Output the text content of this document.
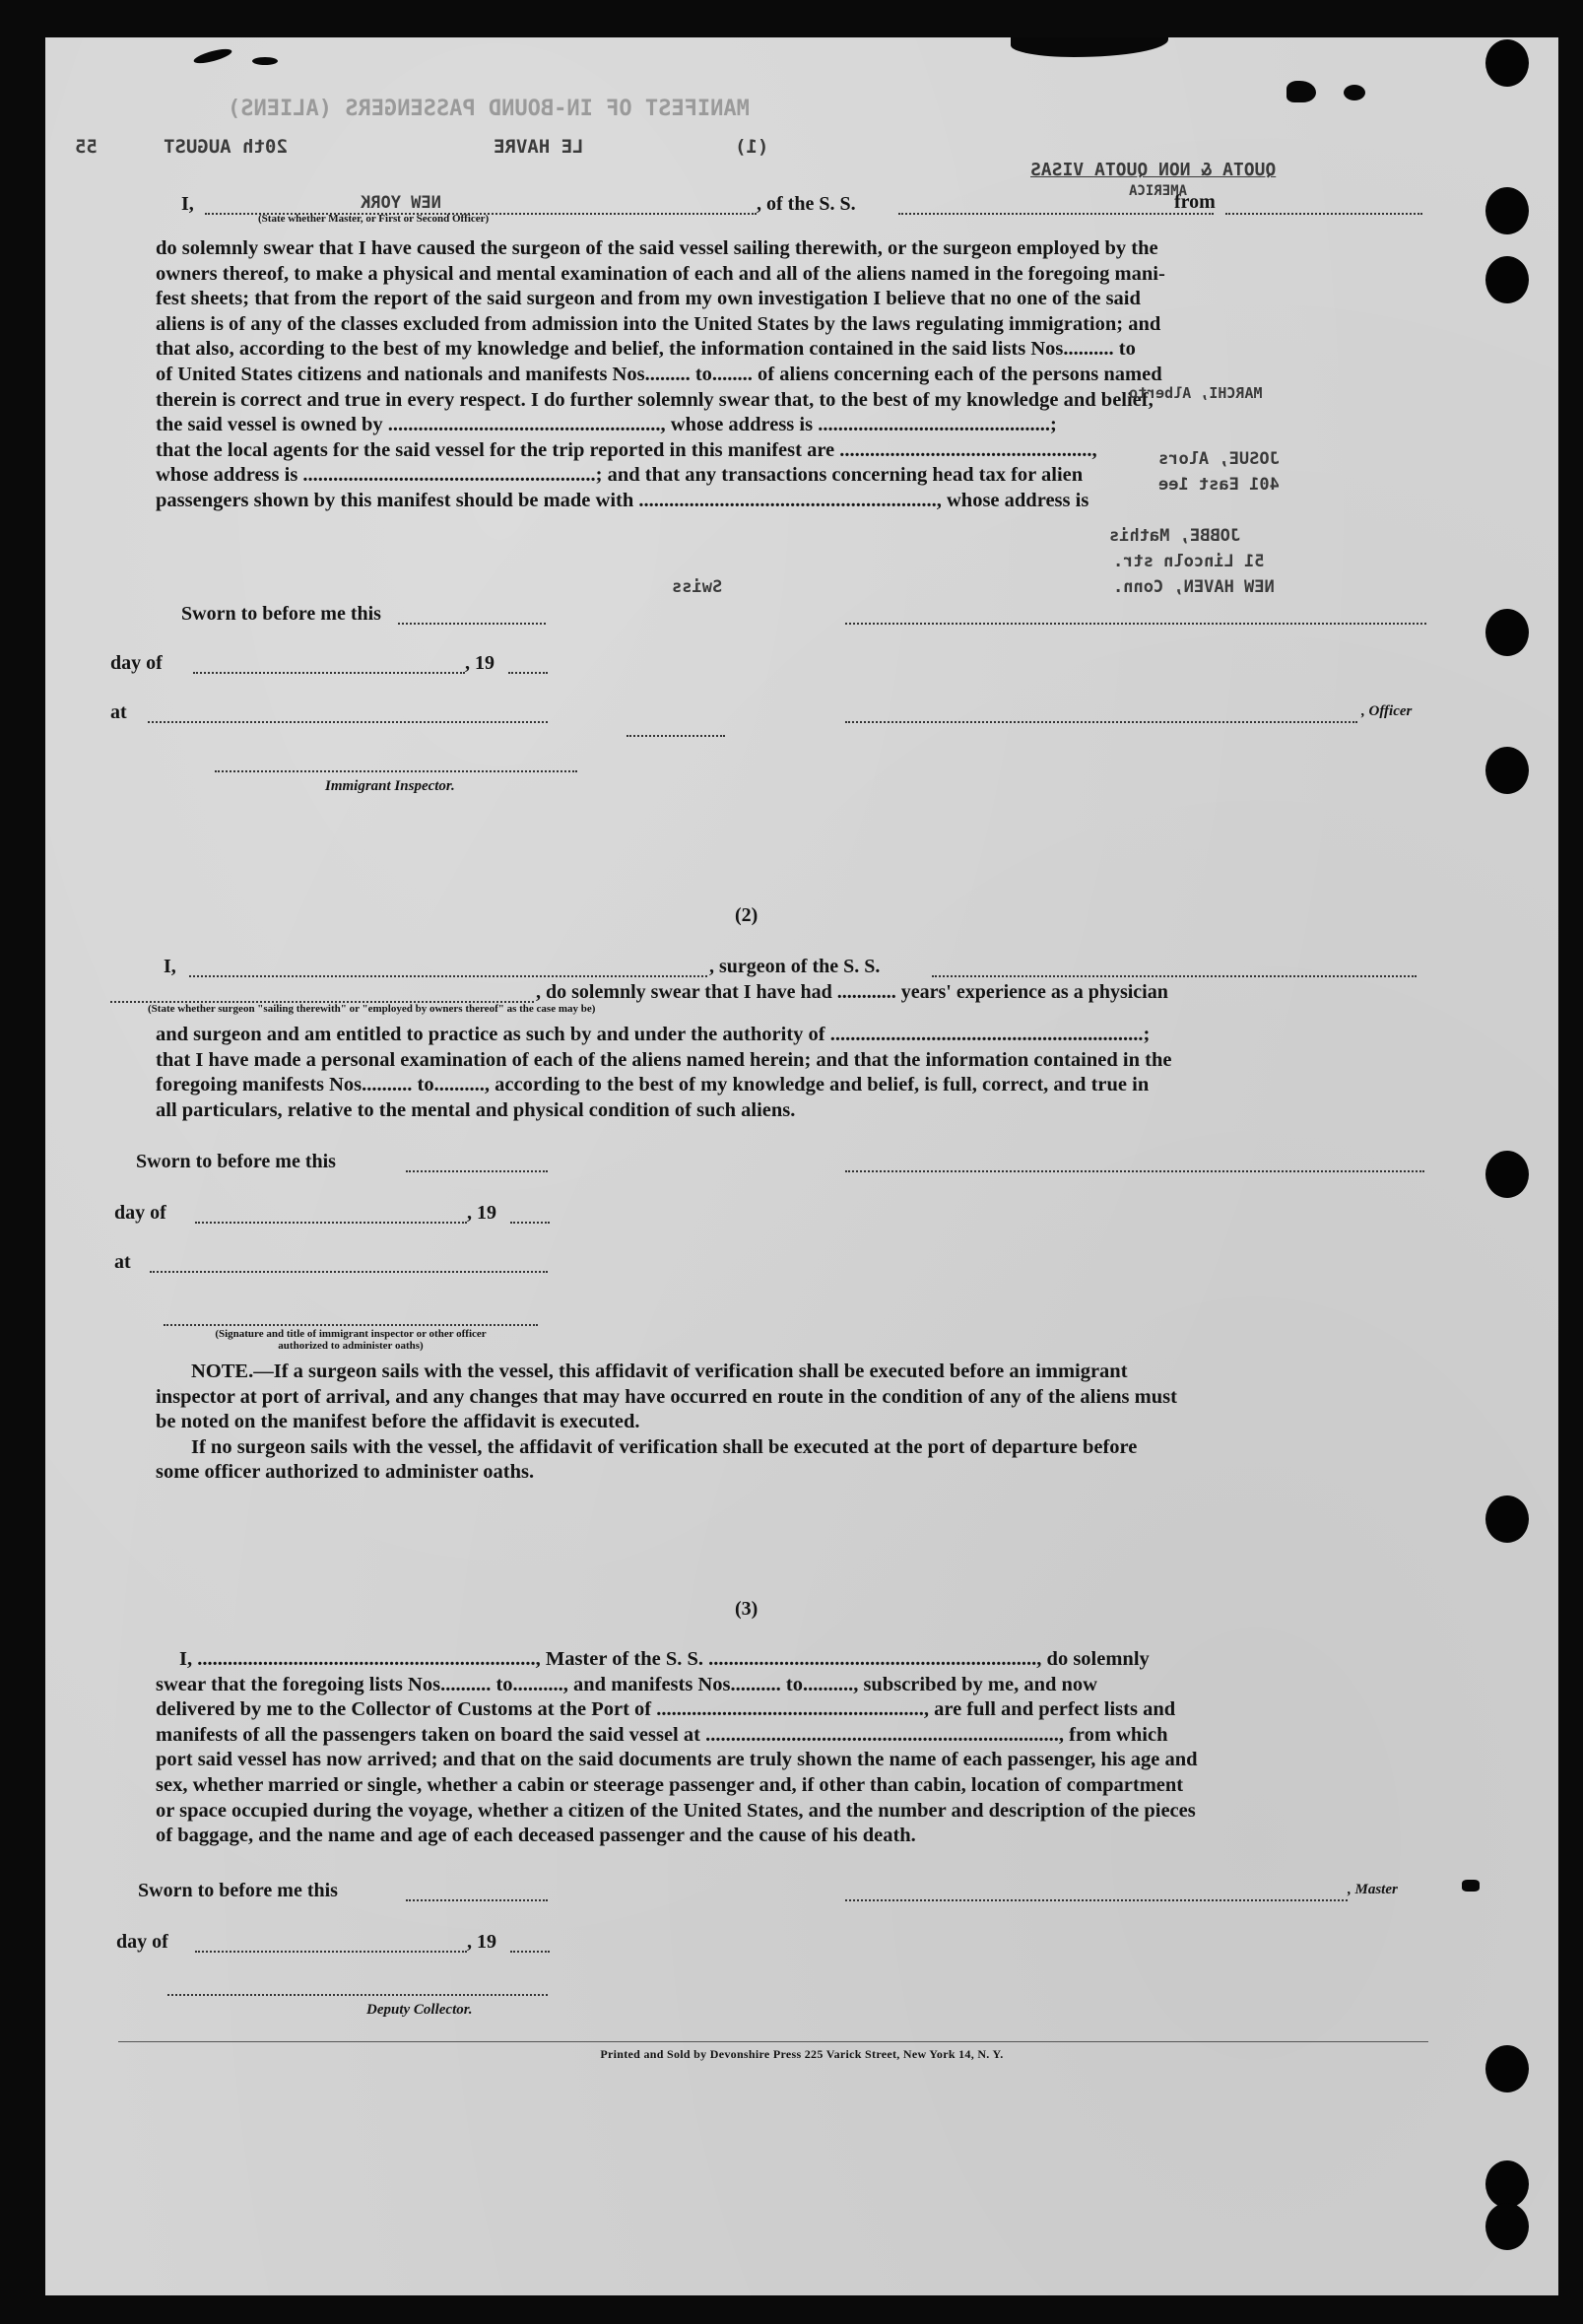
MANIFEST OF IN-BOUND PASSENGERS (ALIENS)
55	20th AUGUST	LE HAVRE	(1)
QUOTA & NON QUOTA VISAS
I,	NEW YORK	, of the S. S.	from
AMERICA
(State whether Master, or First or Second Officer)
do solemnly swear that I have caused the surgeon of the said vessel sailing therewith, or the surgeon employed by the
owners thereof, to make a physical and mental examination of each and all of the aliens named in the foregoing mani-
fest sheets; that from the report of the said surgeon and from my own investigation I believe that no one of the said
aliens is of any of the classes excluded from admission into the United States by the laws regulating immigration; and
that also, according to the best of my knowledge and belief, the information contained in the said lists Nos.......... to
of United States citizens and nationals and manifests Nos......... to........ of aliens concerning each of the persons named
therein is correct and true in every respect. I do further solemnly swear that, to the best of my knowledge and belief,
the said vessel is owned by ......................................................, whose address is ..............................................;
that the local agents for the said vessel for the trip reported in this manifest are ..................................................,
whose address is ..........................................................; and that any transactions concerning head tax for alien
passengers shown by this manifest should be made with ..........................................................., whose address is
MARCHI, Alberto
JOSUE, Alors
401 East 1ee
JOBBE, Mathis
51 Lincoln str.
Swiss	NEW HAVEN, Conn.
Sworn to before me this
day of	, 19
at	, Officer
Immigrant Inspector.
(2)
I,	, surgeon of the S. S.
, do solemnly swear that I have had ............ years' experience as a physician
(State whether surgeon "sailing therewith" or "employed by owners thereof" as the case may be)
and surgeon and am entitled to practice as such by and under the authority of ..............................................................;
that I have made a personal examination of each of the aliens named herein; and that the information contained in the
foregoing manifests Nos.......... to.........., according to the best of my knowledge and belief, is full, correct, and true in
all particulars, relative to the mental and physical condition of such aliens.
Sworn to before me this
day of	, 19
at
(Signature and title of immigrant inspector or other officer authorized to administer oaths)
NOTE.—If a surgeon sails with the vessel, this affidavit of verification shall be executed before an immigrant
inspector at port of arrival, and any changes that may have occurred en route in the condition of any of the aliens must
be noted on the manifest before the affidavit is executed.
If no surgeon sails with the vessel, the affidavit of verification shall be executed at the port of departure before
some officer authorized to administer oaths.
(3)
I, ..................................................................., Master of the S. S. ................................................................., do solemnly
swear that the foregoing lists Nos.......... to.........., and manifests Nos.......... to.........., subscribed by me, and now
delivered by me to the Collector of Customs at the Port of ....................................................., are full and perfect lists and
manifests of all the passengers taken on board the said vessel at ......................................................................, from which
port said vessel has now arrived; and that on the said documents are truly shown the name of each passenger, his age and
sex, whether married or single, whether a cabin or steerage passenger and, if other than cabin, location of compartment
or space occupied during the voyage, whether a citizen of the United States, and the number and description of the pieces
of baggage, and the name and age of each deceased passenger and the cause of his death.
Sworn to before me this	, Master
day of	, 19
Deputy Collector.
Printed and Sold by Devonshire Press 225 Varick Street, New York 14, N. Y.
